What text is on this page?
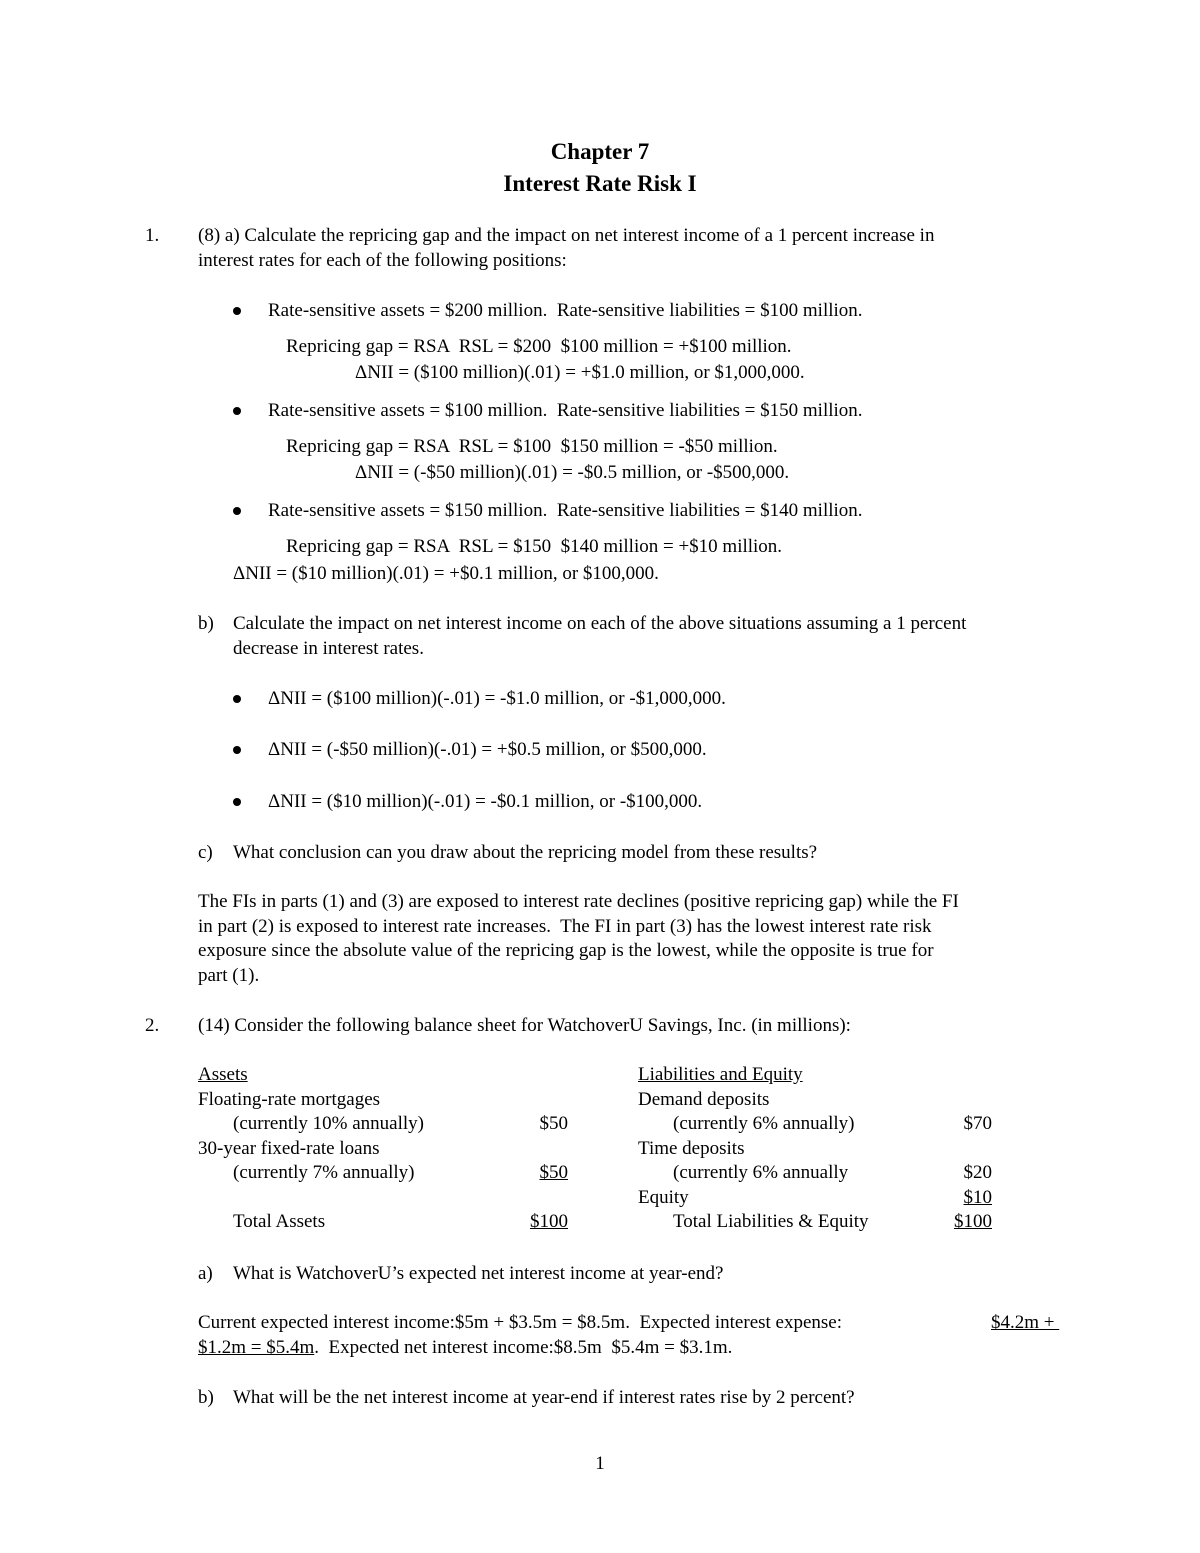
Chapter 7
Interest Rate Risk I
1. (8) a) Calculate the repricing gap and the impact on net interest income of a 1 percent increase in
interest rates for each of the following positions:
Rate-sensitive assets = $200 million.  Rate-sensitive liabilities = $100 million.
Repricing gap = RSA  RSL = $200  $100 million = +$100 million.
ΔNII = ($100 million)(.01) = +$1.0 million, or $1,000,000.
Rate-sensitive assets = $100 million.  Rate-sensitive liabilities = $150 million.
Repricing gap = RSA  RSL = $100  $150 million = -$50 million.
ΔNII = (-$50 million)(.01) = -$0.5 million, or -$500,000.
Rate-sensitive assets = $150 million.  Rate-sensitive liabilities = $140 million.
Repricing gap = RSA  RSL = $150  $140 million = +$10 million.
ΔNII = ($10 million)(.01) = +$0.1 million, or $100,000.
b) Calculate the impact on net interest income on each of the above situations assuming a 1 percent
decrease in interest rates.
ΔNII = ($100 million)(-.01) = -$1.0 million, or -$1,000,000.
ΔNII = (-$50 million)(-.01) = +$0.5 million, or $500,000.
ΔNII = ($10 million)(-.01) = -$0.1 million, or -$100,000.
c) What conclusion can you draw about the repricing model from these results?
The FIs in parts (1) and (3) are exposed to interest rate declines (positive repricing gap) while the FI
in part (2) is exposed to interest rate increases.  The FI in part (3) has the lowest interest rate risk
exposure since the absolute value of the repricing gap is the lowest, while the opposite is true for
part (1).
2. (14) Consider the following balance sheet for WatchoverU Savings, Inc. (in millions):
Assets
Floating-rate mortgages
(currently 10% annually)	$50
30-year fixed-rate loans
(currently 7% annually)	$50
Total Assets	$100
Liabilities and Equity
Demand deposits
(currently 6% annually)	$70
Time deposits
(currently 6% annually	$20
Equity	$10
Total Liabilities & Equity	$100
a) What is WatchoverU’s expected net interest income at year-end?
Current expected interest income:$5m + $3.5m = $8.5m.  Expected interest expense:	$4.2m +
$1.2m = $5.4m.  Expected net interest income:$8.5m  $5.4m = $3.1m.
b) What will be the net interest income at year-end if interest rates rise by 2 percent?
1
